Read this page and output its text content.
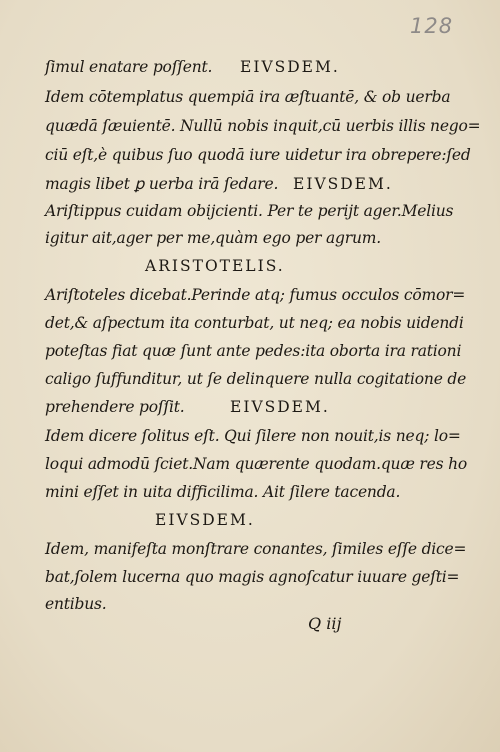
128
ſimul enatare poſſent.	EIVSDEM.
Idem cōtemplatus quempiā ira æſtuantē, & ob uerba
quædā ſæuientē. Nullū nobis inquit,cū uerbis illis nego=
ciū eſt,è quibus ſuo quodā iure uidetur ira obrepere:ſed
magis libet ꝑ uerba irā ſedare. EIVSDEM.
Ariſtippus cuidam obijcienti. Per te perijt ager.Melius
igitur ait,ager per me,quàm ego per agrum.
ARISTOTELIS.
Ariſtoteles dicebat.Perinde atq; fumus occulos cōmor=
det,& aſpectum ita conturbat, ut neq; ea nobis uidendi
poteſtas fiat quæ ſunt ante pedes:ita oborta ira rationi
caligo ſuffunditur, ut ſe delinquere nulla cogitatione de
prehendere poſſit.	EIVSDEM.
Idem dicere ſolitus eſt. Qui ſilere non nouit,is neq; lo=
loqui admodū ſciet.Nam quærente quodam.quæ res ho
mini eſſet in uita difficilima. Ait ſilere tacenda.
EIVSDEM.
Idem, manifeſta monſtrare conantes, ſimiles eſſe dice=
bat,ſolem lucerna quo magis agnoſcatur iuuare geſti=
entibus.
Q iij
